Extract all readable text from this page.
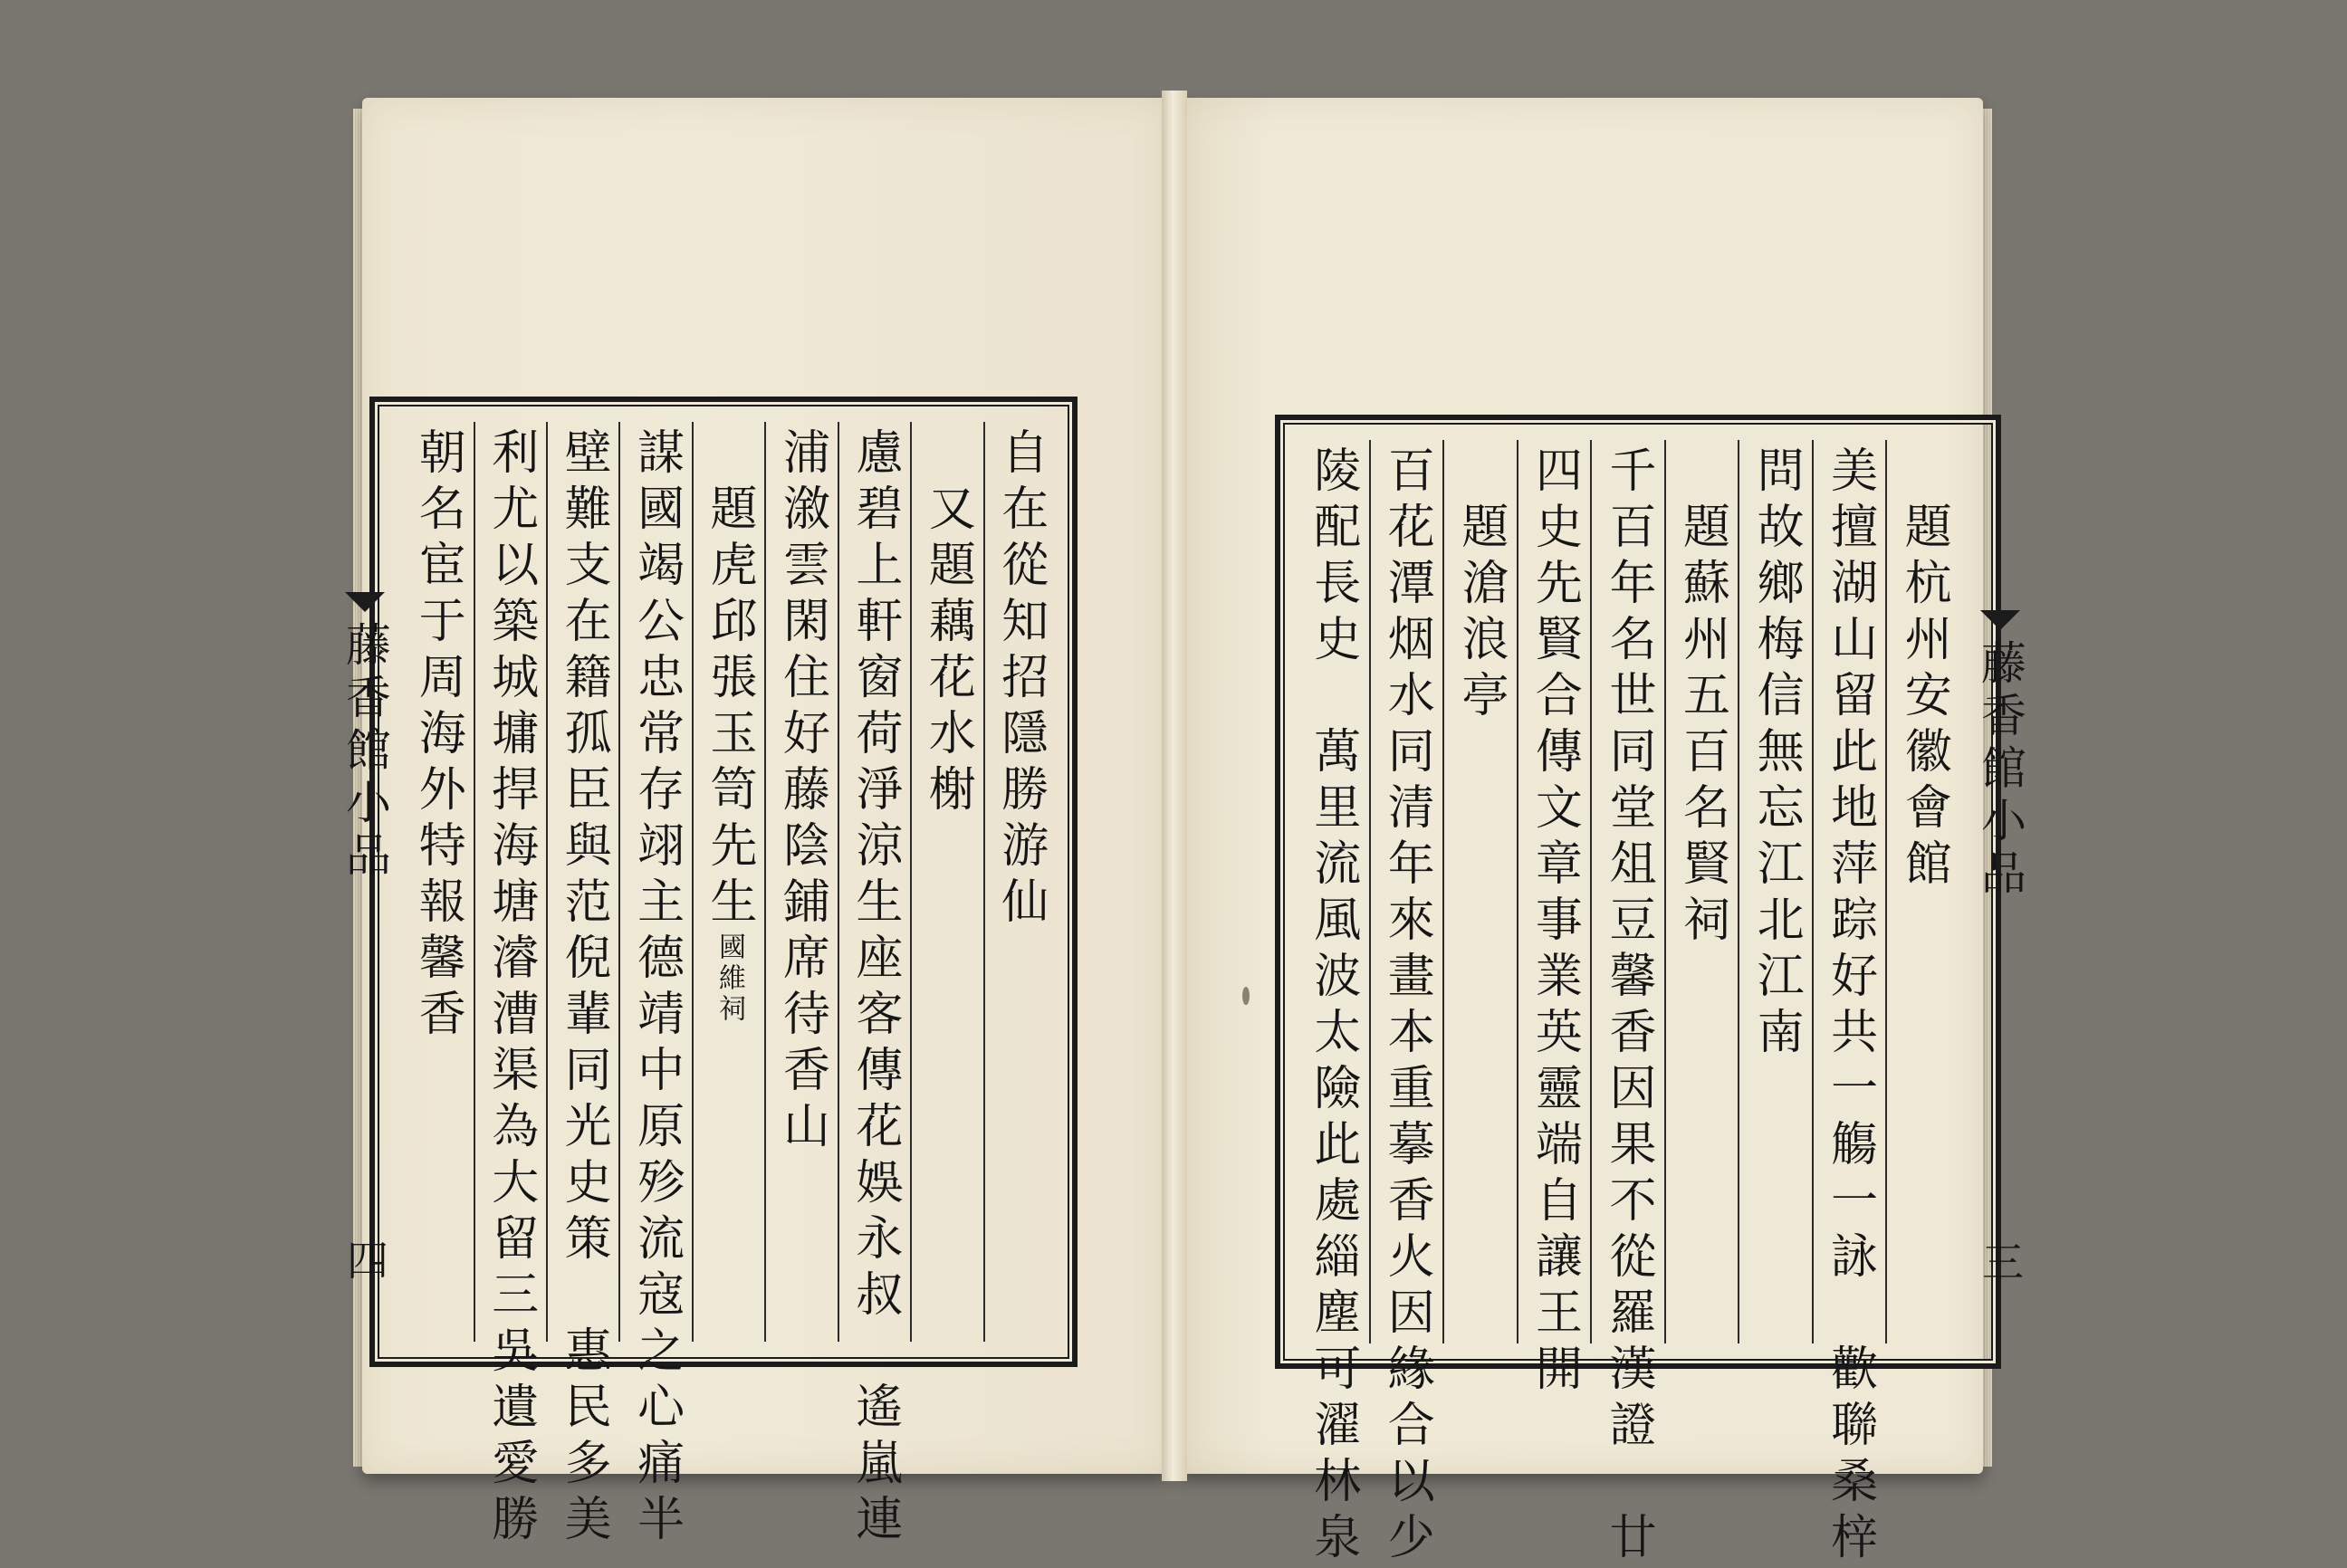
藤香館小品
四
自在從知招隱勝游仙
又題藕花水榭
慮碧上軒窗荷淨涼生座客傳花娛永叔　遙嵐連
浦漵雲閑住好藤陰鋪席待香山
題虎邱張玉笥先生
國維祠
謀國竭公忠常存翊主德靖中原殄流寇之心痛半
壁難支在籍孤臣與范倪輩同光史策　惠民多美
利尤以築城墉捍海塘濬漕渠為大留三吳遺愛勝
朝名宦于周海外特報馨香	藤香館小品
三
題杭州安徽會館
美擅湖山留此地萍踪好共一觴一詠　歡聯桑梓
問故鄉梅信無忘江北江南
題蘇州五百名賢祠
千百年名世同堂俎豆馨香因果不從羅漢證　廿
四史先賢合傳文章事業英靈端自讓王開
題滄浪亭
百花潭烟水同清年來畫本重摹香火因緣合以少
陵配長史　萬里流風波太險此處緇塵可濯林泉
